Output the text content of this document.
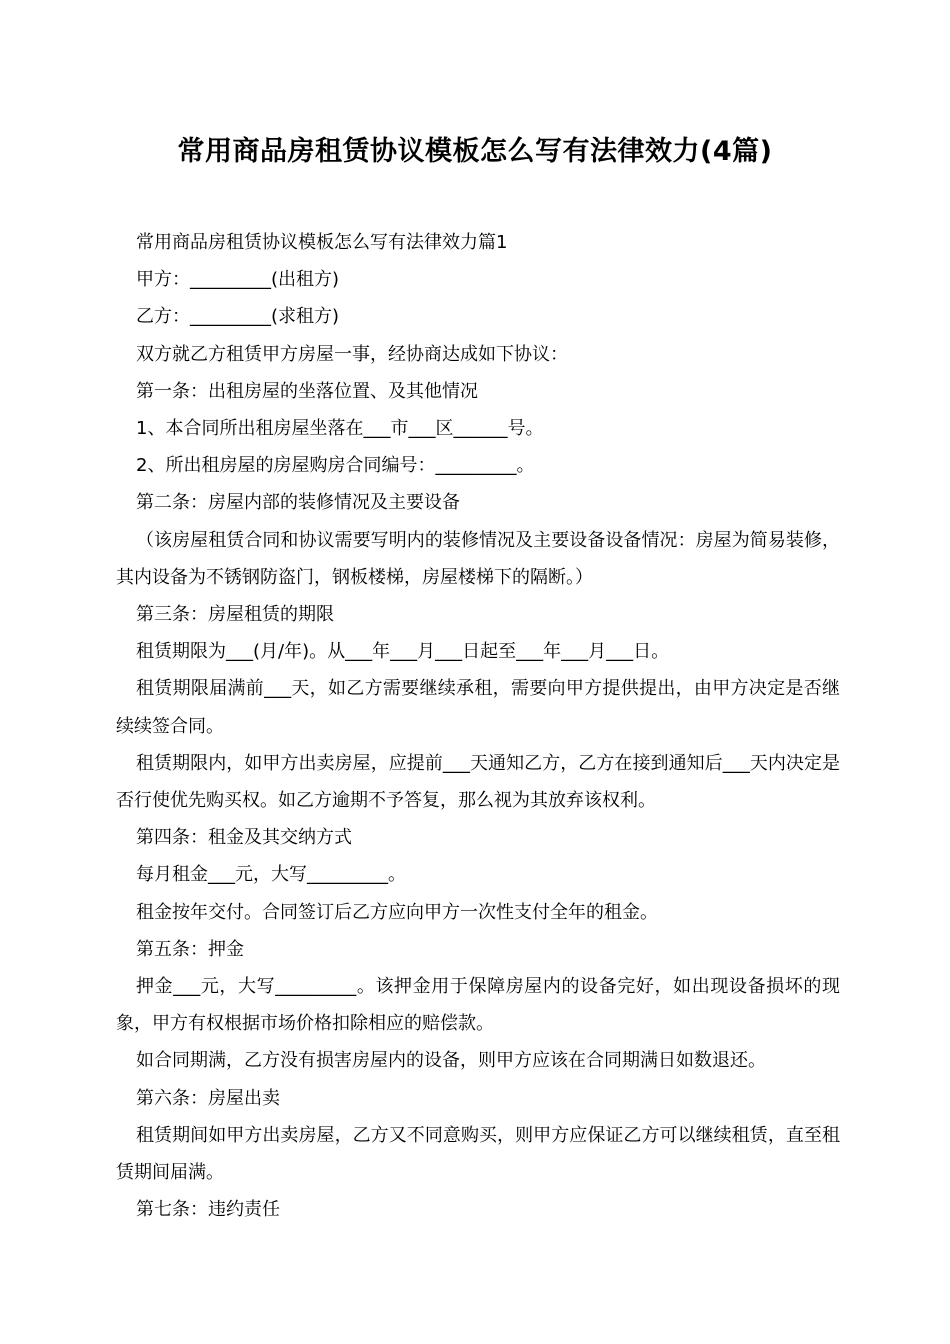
常用商品房租赁协议模板怎么写有法律效力(4篇)

常用商品房租赁协议模板怎么写有法律效力篇1

甲方：_________(出租方)

乙方：_________(求租方)

双方就乙方租赁甲方房屋一事，经协商达成如下协议：

第一条：出租房屋的坐落位置、及其他情况

1、本合同所出租房屋坐落在___市___区______号。

2、所出租房屋的房屋购房合同编号：_________。

第二条：房屋内部的装修情况及主要设备

（该房屋租赁合同和协议需要写明内的装修情况及主要设备设备情况：房屋为简易装修，其内设备为不锈钢防盗门，钢板楼梯，房屋楼梯下的隔断。）

第三条：房屋租赁的期限

租赁期限为___(月/年)。从___年___月___日起至___年___月___日。

租赁期限届满前___天，如乙方需要继续承租，需要向甲方提供提出，由甲方决定是否继续续签合同。

租赁期限内，如甲方出卖房屋，应提前___天通知乙方，乙方在接到通知后___天内决定是否行使优先购买权。如乙方逾期不予答复，那么视为其放弃该权利。

第四条：租金及其交纳方式

每月租金___元，大写_________。

租金按年交付。合同签订后乙方应向甲方一次性支付全年的租金。

第五条：押金

押金___元，大写_________。该押金用于保障房屋内的设备完好，如出现设备损坏的现象，甲方有权根据市场价格扣除相应的赔偿款。

如合同期满，乙方没有损害房屋内的设备，则甲方应该在合同期满日如数退还。

第六条：房屋出卖

租赁期间如甲方出卖房屋，乙方又不同意购买，则甲方应保证乙方可以继续租赁，直至租赁期间届满。

第七条：违约责任
